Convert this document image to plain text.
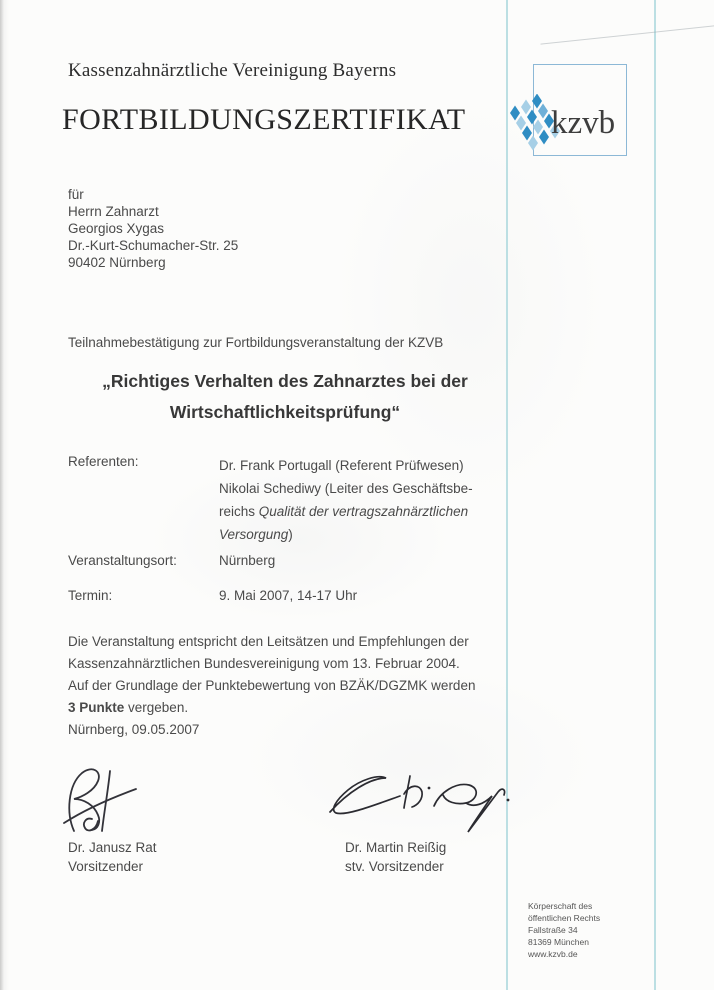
Kassenzahnärztliche Vereinigung Bayerns
FORTBILDUNGSZERTIFIKAT	kzvb
für
Herrn Zahnarzt
Georgios Xygas
Dr.-Kurt-Schumacher-Str. 25
90402 Nürnberg
Teilnahmebestätigung zur Fortbildungsveranstaltung der KZVB
„Richtiges Verhalten des Zahnarztes bei der
Wirtschaftlichkeitsprüfung“
Referenten:	Dr. Frank Portugall (Referent Prüfwesen)
Nikolai Schediwy (Leiter des Geschäftsbe-
reichs Qualität der vertragszahnärztlichen
Versorgung)
Veranstaltungsort:	Nürnberg
Termin:	9. Mai 2007, 14-17 Uhr
Die Veranstaltung entspricht den Leitsätzen und Empfehlungen der
Kassenzahnärztlichen Bundesvereinigung vom 13. Februar 2004.
Auf der Grundlage der Punktebewertung von BZÄK/DGZMK werden
3 Punkte vergeben.
Nürnberg, 09.05.2007
Dr. Janusz Rat
Vorsitzender
Dr. Martin Reißig
stv. Vorsitzender
Körperschaft des
öffentlichen Rechts
Fallstraße 34
81369 München
www.kzvb.de
